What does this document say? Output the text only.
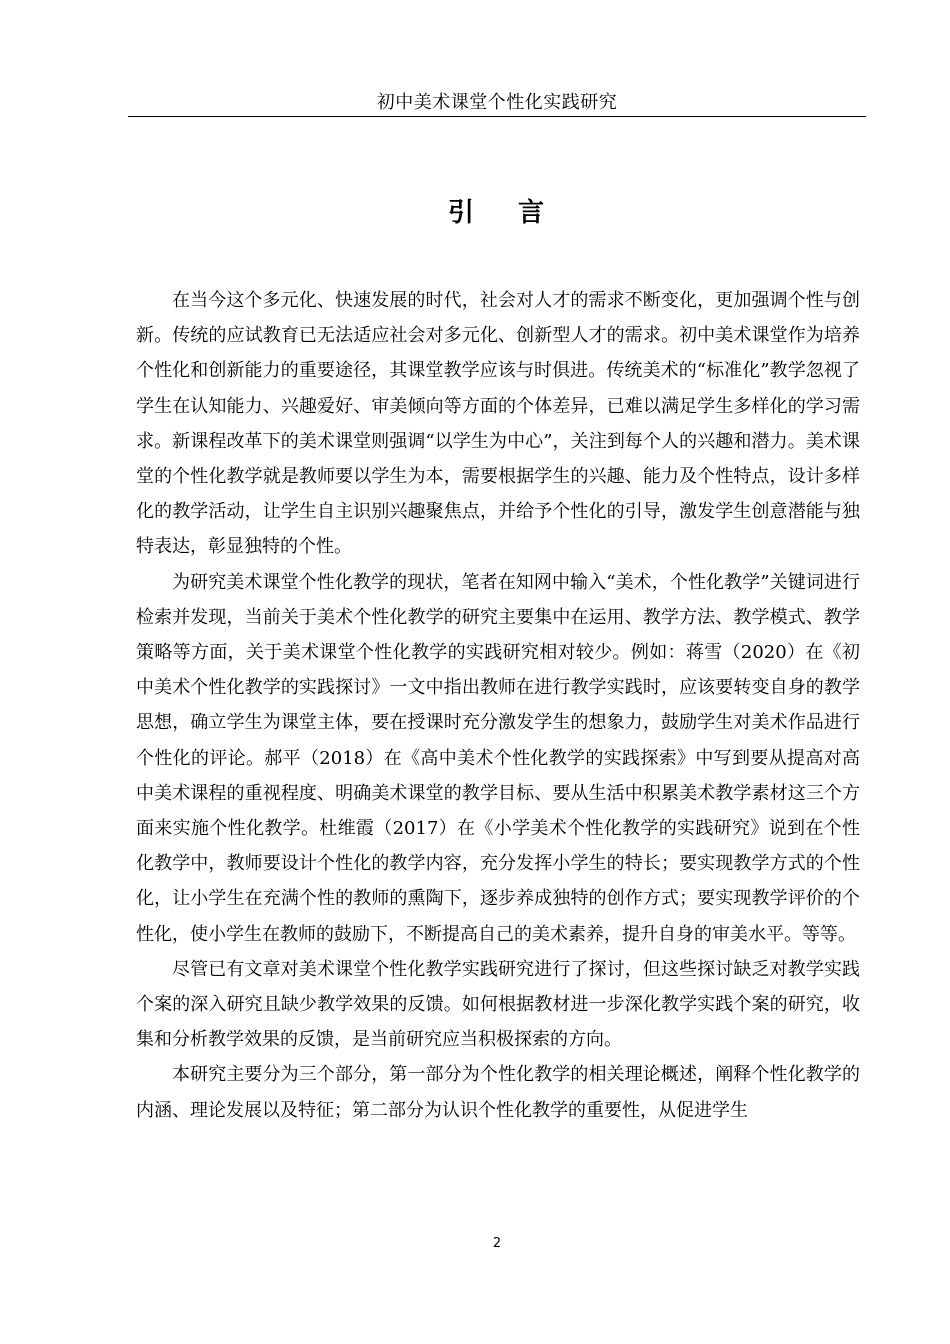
初中美术课堂个性化实践研究
引 言

在当今这个多元化、快速发展的时代，社会对人才的需求不断变化，更加强调个性与创新。传统的应试教育已无法适应社会对多元化、创新型人才的需求。初中美术课堂作为培养个性化和创新能力的重要途径，其课堂教学应该与时俱进。传统美术的“标准化”教学忽视了学生在认知能力、兴趣爱好、审美倾向等方面的个体差异，已难以满足学生多样化的学习需求。新课程改革下的美术课堂则强调“以学生为中心”，关注到每个人的兴趣和潜力。美术课堂的个性化教学就是教师要以学生为本，需要根据学生的兴趣、能力及个性特点，设计多样化的教学活动，让学生自主识别兴趣聚焦点，并给予个性化的引导，激发学生创意潜能与独特表达，彰显独特的个性。

为研究美术课堂个性化教学的现状，笔者在知网中输入“美术，个性化教学”关键词进行检索并发现，当前关于美术个性化教学的研究主要集中在运用、教学方法、教学模式、教学策略等方面，关于美术课堂个性化教学的实践研究相对较少。例如：蒋雪（2020）在《初中美术个性化教学的实践探讨》一文中指出教师在进行教学实践时，应该要转变自身的教学思想，确立学生为课堂主体，要在授课时充分激发学生的想象力，鼓励学生对美术作品进行个性化的评论。郝平（2018）在《高中美术个性化教学的实践探索》中写到要从提高对高中美术课程的重视程度、明确美术课堂的教学目标、要从生活中积累美术教学素材这三个方面来实施个性化教学。杜维霞（2017）在《小学美术个性化教学的实践研究》说到在个性化教学中，教师要设计个性化的教学内容，充分发挥小学生的特长；要实现教学方式的个性化，让小学生在充满个性的教师的熏陶下，逐步养成独特的创作方式；要实现教学评价的个性化，使小学生在教师的鼓励下，不断提高自己的美术素养，提升自身的审美水平。等等。

尽管已有文章对美术课堂个性化教学实践研究进行了探讨，但这些探讨缺乏对教学实践个案的深入研究且缺少教学效果的反馈。如何根据教材进一步深化教学实践个案的研究，收集和分析教学效果的反馈，是当前研究应当积极探索的方向。

本研究主要分为三个部分，第一部分为个性化教学的相关理论概述，阐释个性化教学的内涵、理论发展以及特征；第二部分为认识个性化教学的重要性，从促进学生

2
